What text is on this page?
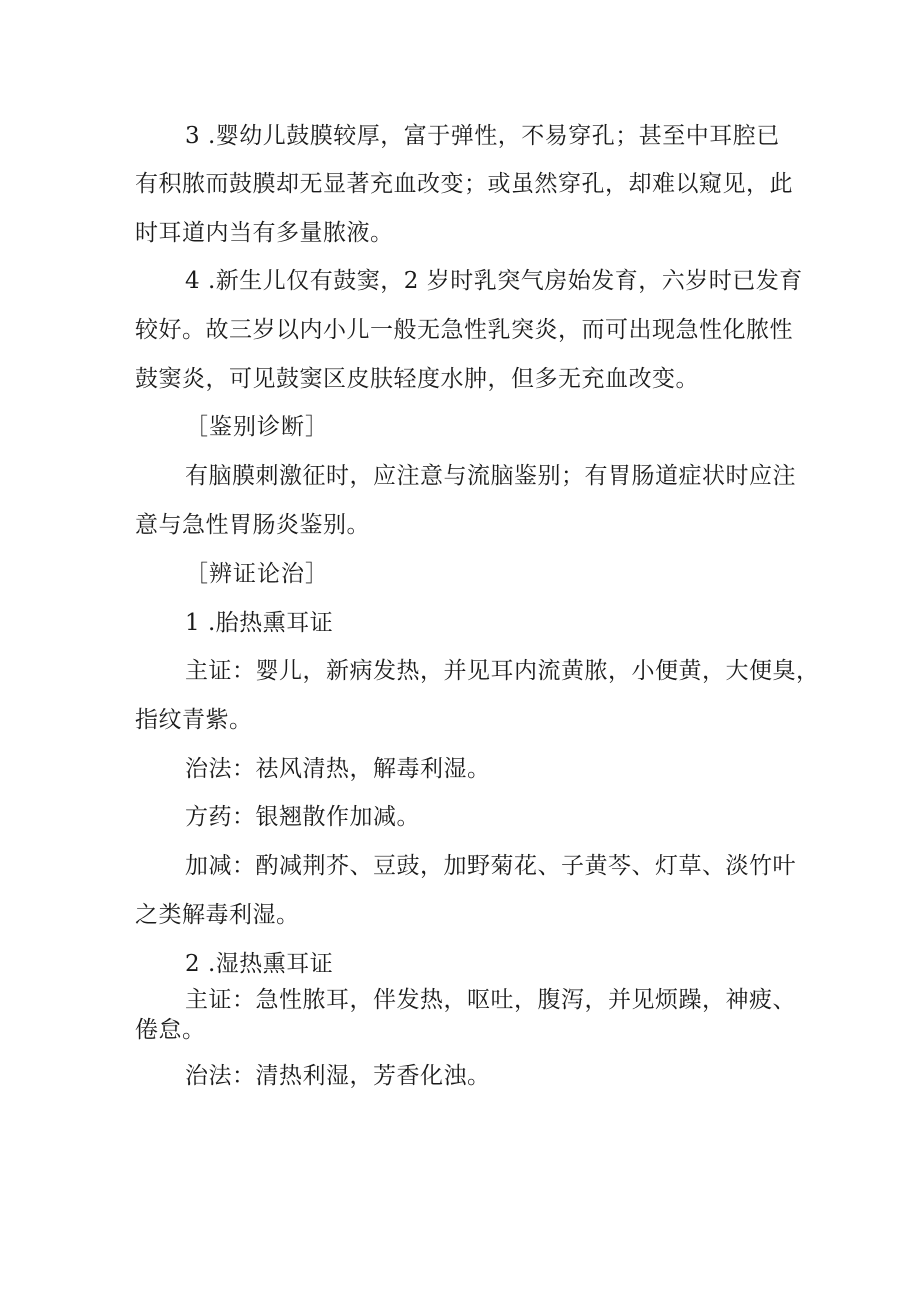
3 .婴幼儿鼓膜较厚，富于弹性，不易穿孔；甚至中耳腔已
有积脓而鼓膜却无显著充血改变；或虽然穿孔，却难以窥见，此
时耳道内当有多量脓液。
4 .新生儿仅有鼓窦，2 岁时乳突气房始发育，六岁时已发育
较好。故三岁以内小儿一般无急性乳突炎，而可出现急性化脓性
鼓窦炎，可见鼓窦区皮肤轻度水肿，但多无充血改变。
［鉴别诊断］
有脑膜刺激征时，应注意与流脑鉴别；有胃肠道症状时应注
意与急性胃肠炎鉴别。
［辨证论治］
1 .胎热熏耳证
主证：婴儿，新病发热，并见耳内流黄脓，小便黄，大便臭，
指纹青紫。
治法：祛风清热，解毒利湿。
方药：银翘散作加减。
加减：酌减荆芥、豆豉，加野菊花、子黄芩、灯草、淡竹叶
之类解毒利湿。
2 .湿热熏耳证
主证：急性脓耳，伴发热，呕吐，腹泻，并见烦躁，神疲、
倦怠。
治法：清热利湿，芳香化浊。
